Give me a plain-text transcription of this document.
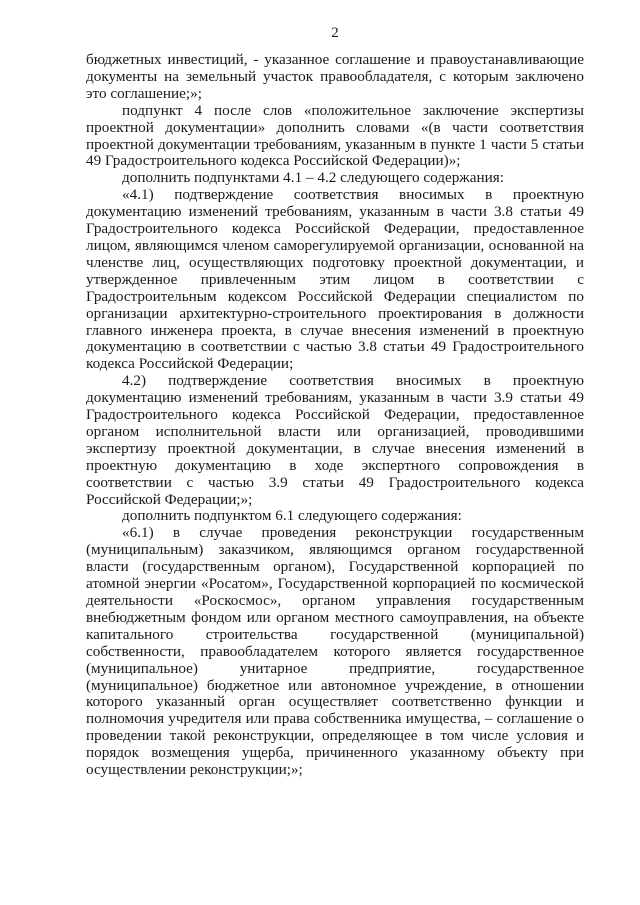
2

бюджетных инвестиций, - указанное соглашение и правоустанавливающие документы на земельный участок правообладателя, с которым заключено это соглашение;»;

подпункт 4 после слов «положительное заключение экспертизы проектной документации» дополнить словами «(в части соответствия проектной документации требованиям, указанным в пункте 1 части 5 статьи 49 Градостроительного кодекса Российской Федерации)»;

дополнить подпунктами 4.1 – 4.2 следующего содержания:

«4.1) подтверждение соответствия вносимых в проектную документацию изменений требованиям, указанным в части 3.8 статьи 49 Градостроительного кодекса Российской Федерации, предоставленное лицом, являющимся членом саморегулируемой организации, основанной на членстве лиц, осуществляющих подготовку проектной документации, и утвержденное привлеченным этим лицом в соответствии с Градостроительным кодексом Российской Федерации специалистом по организации архитектурно-строительного проектирования в должности главного инженера проекта, в случае внесения изменений в проектную документацию в соответствии с частью 3.8 статьи 49 Градостроительного кодекса Российской Федерации;

4.2) подтверждение соответствия вносимых в проектную документацию изменений требованиям, указанным в части 3.9 статьи 49 Градостроительного кодекса Российской Федерации, предоставленное органом исполнительной власти или организацией, проводившими экспертизу проектной документации, в случае внесения изменений в проектную документацию в ходе экспертного сопровождения в соответствии с частью 3.9 статьи 49 Градостроительного кодекса Российской Федерации;»;

дополнить подпунктом 6.1 следующего содержания:

«6.1) в случае проведения реконструкции государственным (муниципальным) заказчиком, являющимся органом государственной власти (государственным органом), Государственной корпорацией по атомной энергии «Росатом», Государственной корпорацией по космической деятельности «Роскосмос», органом управления государственным внебюджетным фондом или органом местного самоуправления, на объекте капитального строительства государственной (муниципальной) собственности, правообладателем которого является государственное (муниципальное) унитарное предприятие, государственное (муниципальное) бюджетное или автономное учреждение, в отношении которого указанный орган осуществляет соответственно функции и полномочия учредителя или права собственника имущества, – соглашение о проведении такой реконструкции, определяющее в том числе условия и порядок возмещения ущерба, причиненного указанному объекту при осуществлении реконструкции;»;
